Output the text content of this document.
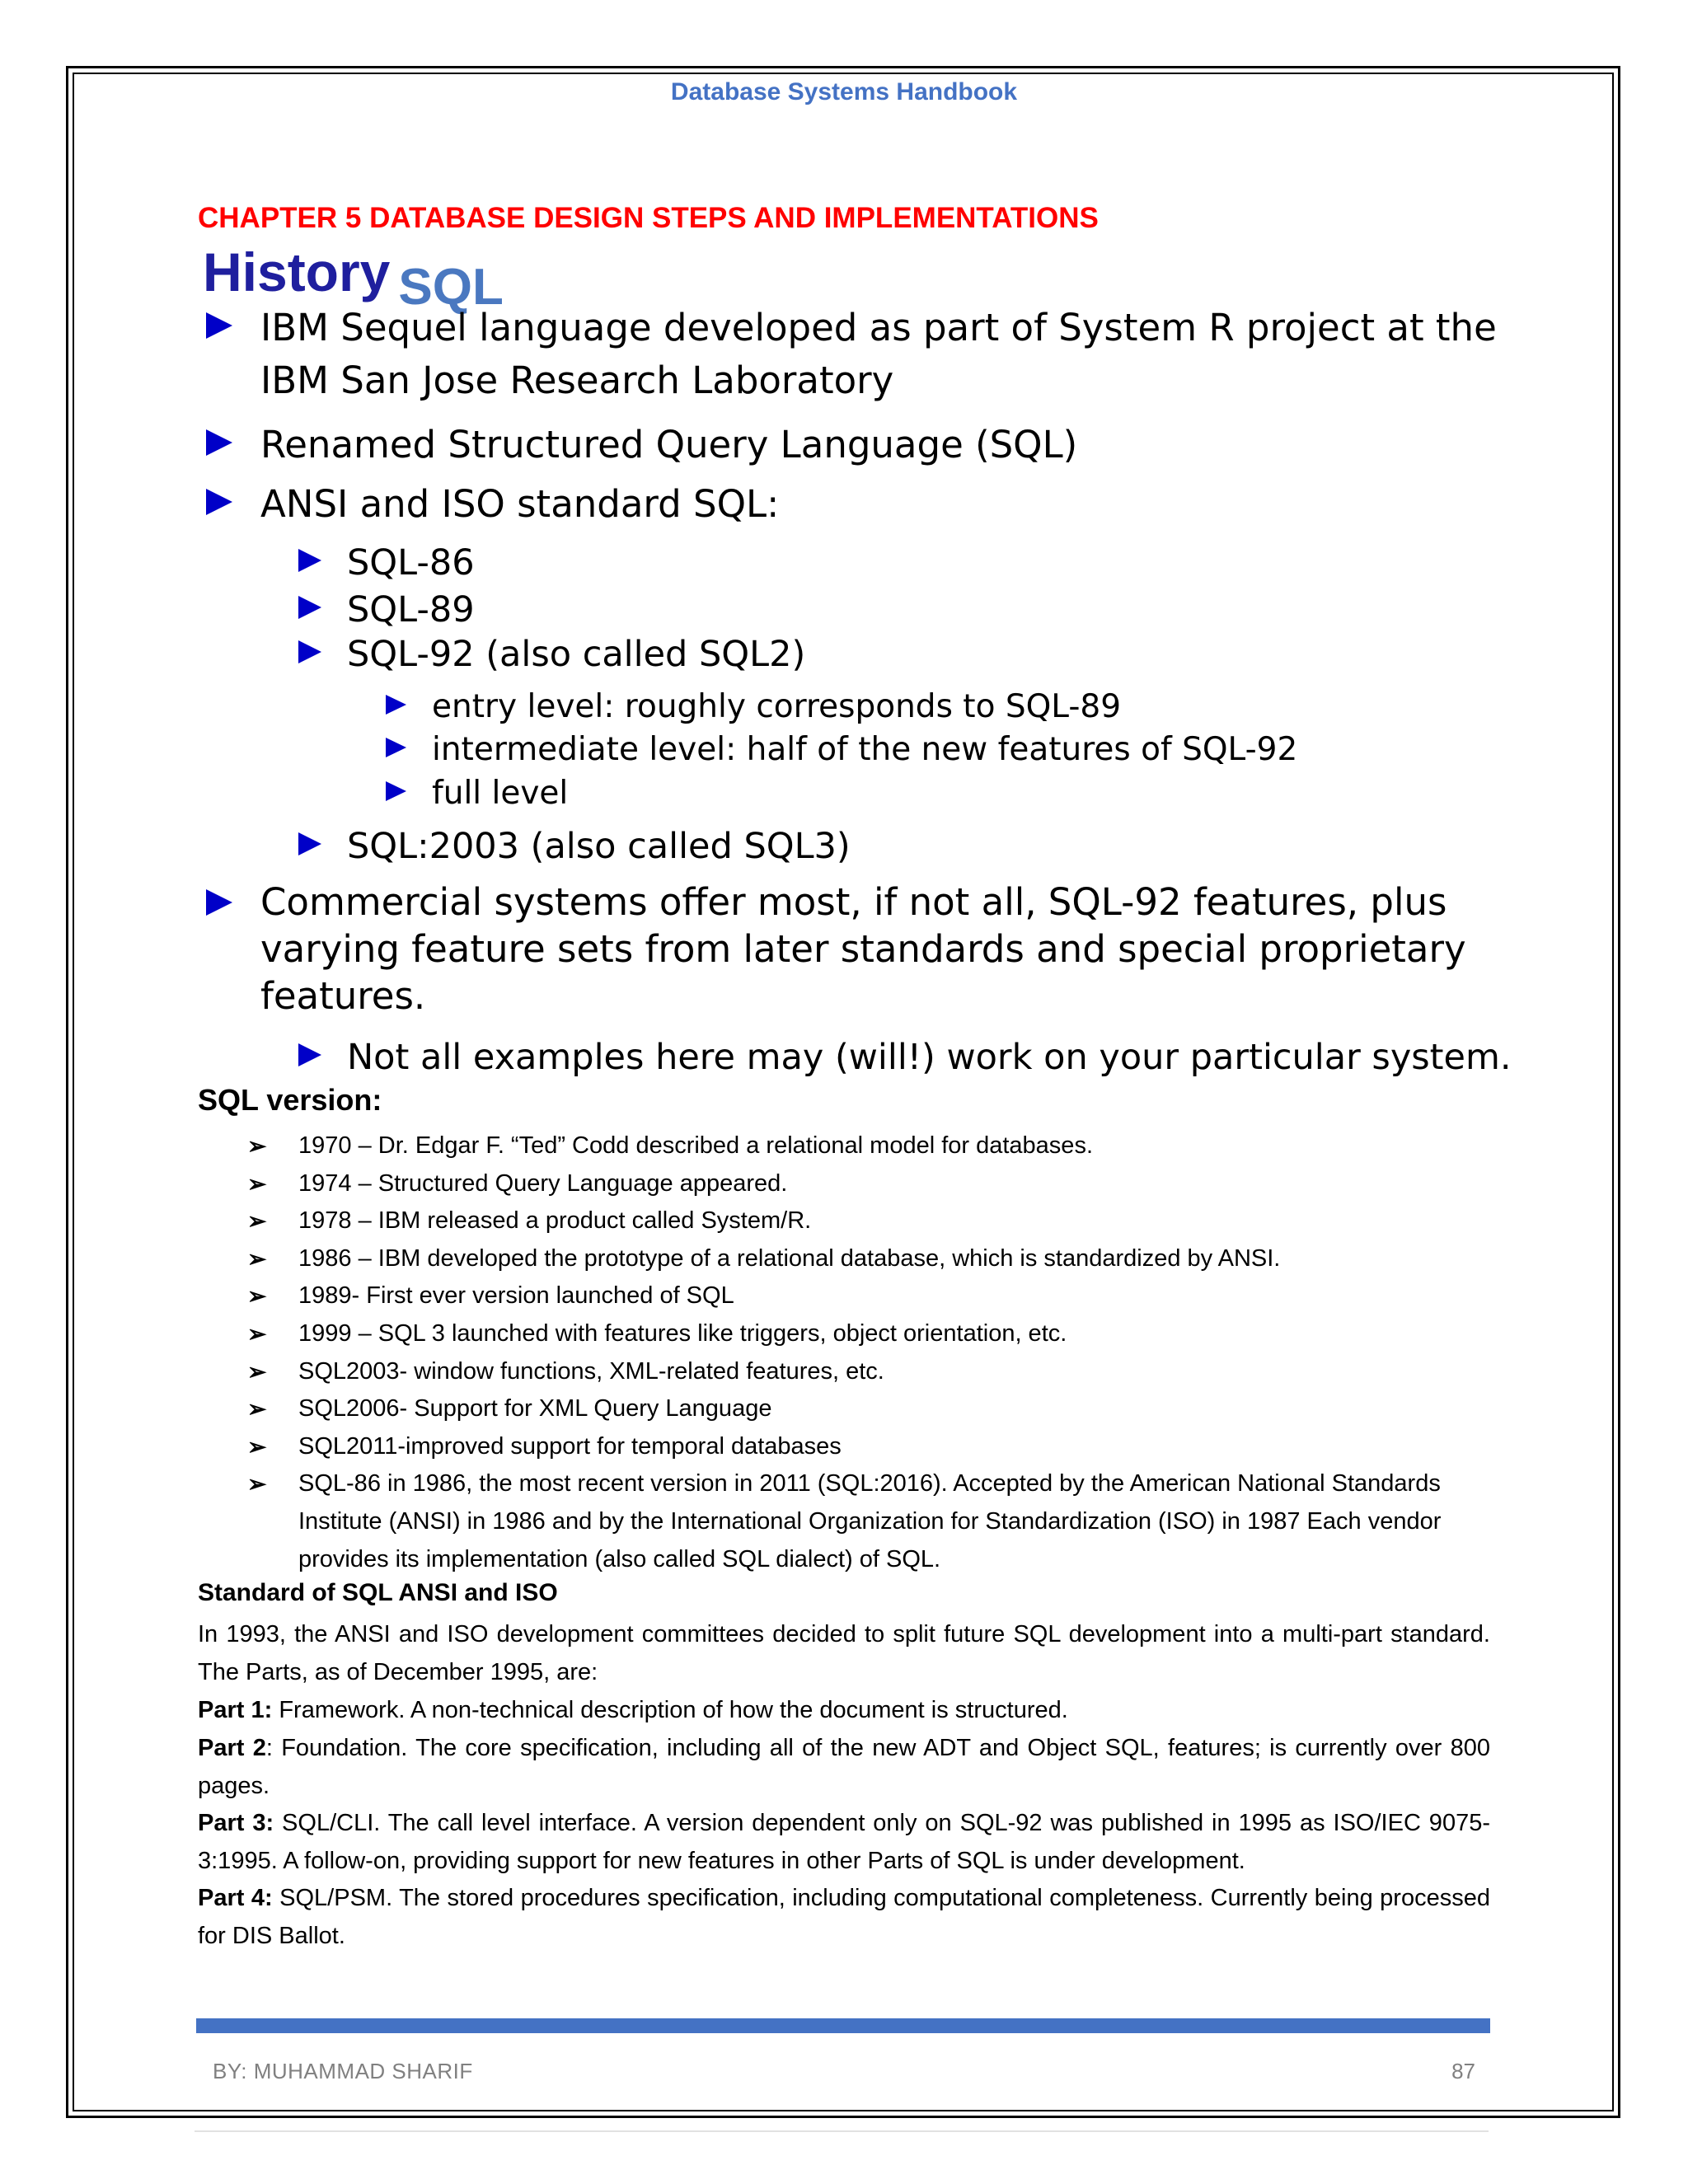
Database Systems Handbook
CHAPTER 5 DATABASE DESIGN STEPS AND IMPLEMENTATIONS
History SQL
IBM Sequel language developed as part of System R project at the
IBM San Jose Research Laboratory
Renamed Structured Query Language (SQL)
ANSI and ISO standard SQL:
SQL-86
SQL-89
SQL-92 (also called SQL2)
entry level: roughly corresponds to SQL-89
intermediate level: half of the new features of SQL-92
full level
SQL:2003 (also called SQL3)
Commercial systems offer most, if not all, SQL-92 features, plus
varying feature sets from later standards and special proprietary
features.
Not all examples here may (will!) work on your particular system.
SQL version:
➢ 1970 – Dr. Edgar F. “Ted” Codd described a relational model for databases.
➢ 1974 – Structured Query Language appeared.
➢ 1978 – IBM released a product called System/R.
➢ 1986 – IBM developed the prototype of a relational database, which is standardized by ANSI.
➢ 1989- First ever version launched of SQL
➢ 1999 – SQL 3 launched with features like triggers, object orientation, etc.
➢ SQL2003- window functions, XML-related features, etc.
➢ SQL2006- Support for XML Query Language
➢ SQL2011-improved support for temporal databases
➢ SQL-86 in 1986, the most recent version in 2011 (SQL:2016). Accepted by the American National Standards Institute (ANSI) in 1986 and by the International Organization for Standardization (ISO) in 1987 Each vendor provides its implementation (also called SQL dialect) of SQL.
Standard of SQL ANSI and ISO

In 1993, the ANSI and ISO development committees decided to split future SQL development into a multi-part standard. The Parts, as of December 1995, are:

Part 1: Framework. A non-technical description of how the document is structured.

Part 2: Foundation. The core specification, including all of the new ADT and Object SQL, features; is currently over 800 pages.

Part 3: SQL/CLI. The call level interface. A version dependent only on SQL-92 was published in 1995 as ISO/IEC 9075-3:1995. A follow-on, providing support for new features in other Parts of SQL is under development.

Part 4: SQL/PSM. The stored procedures specification, including computational completeness. Currently being processed for DIS Ballot.

BY: MUHAMMAD SHARIF	87
